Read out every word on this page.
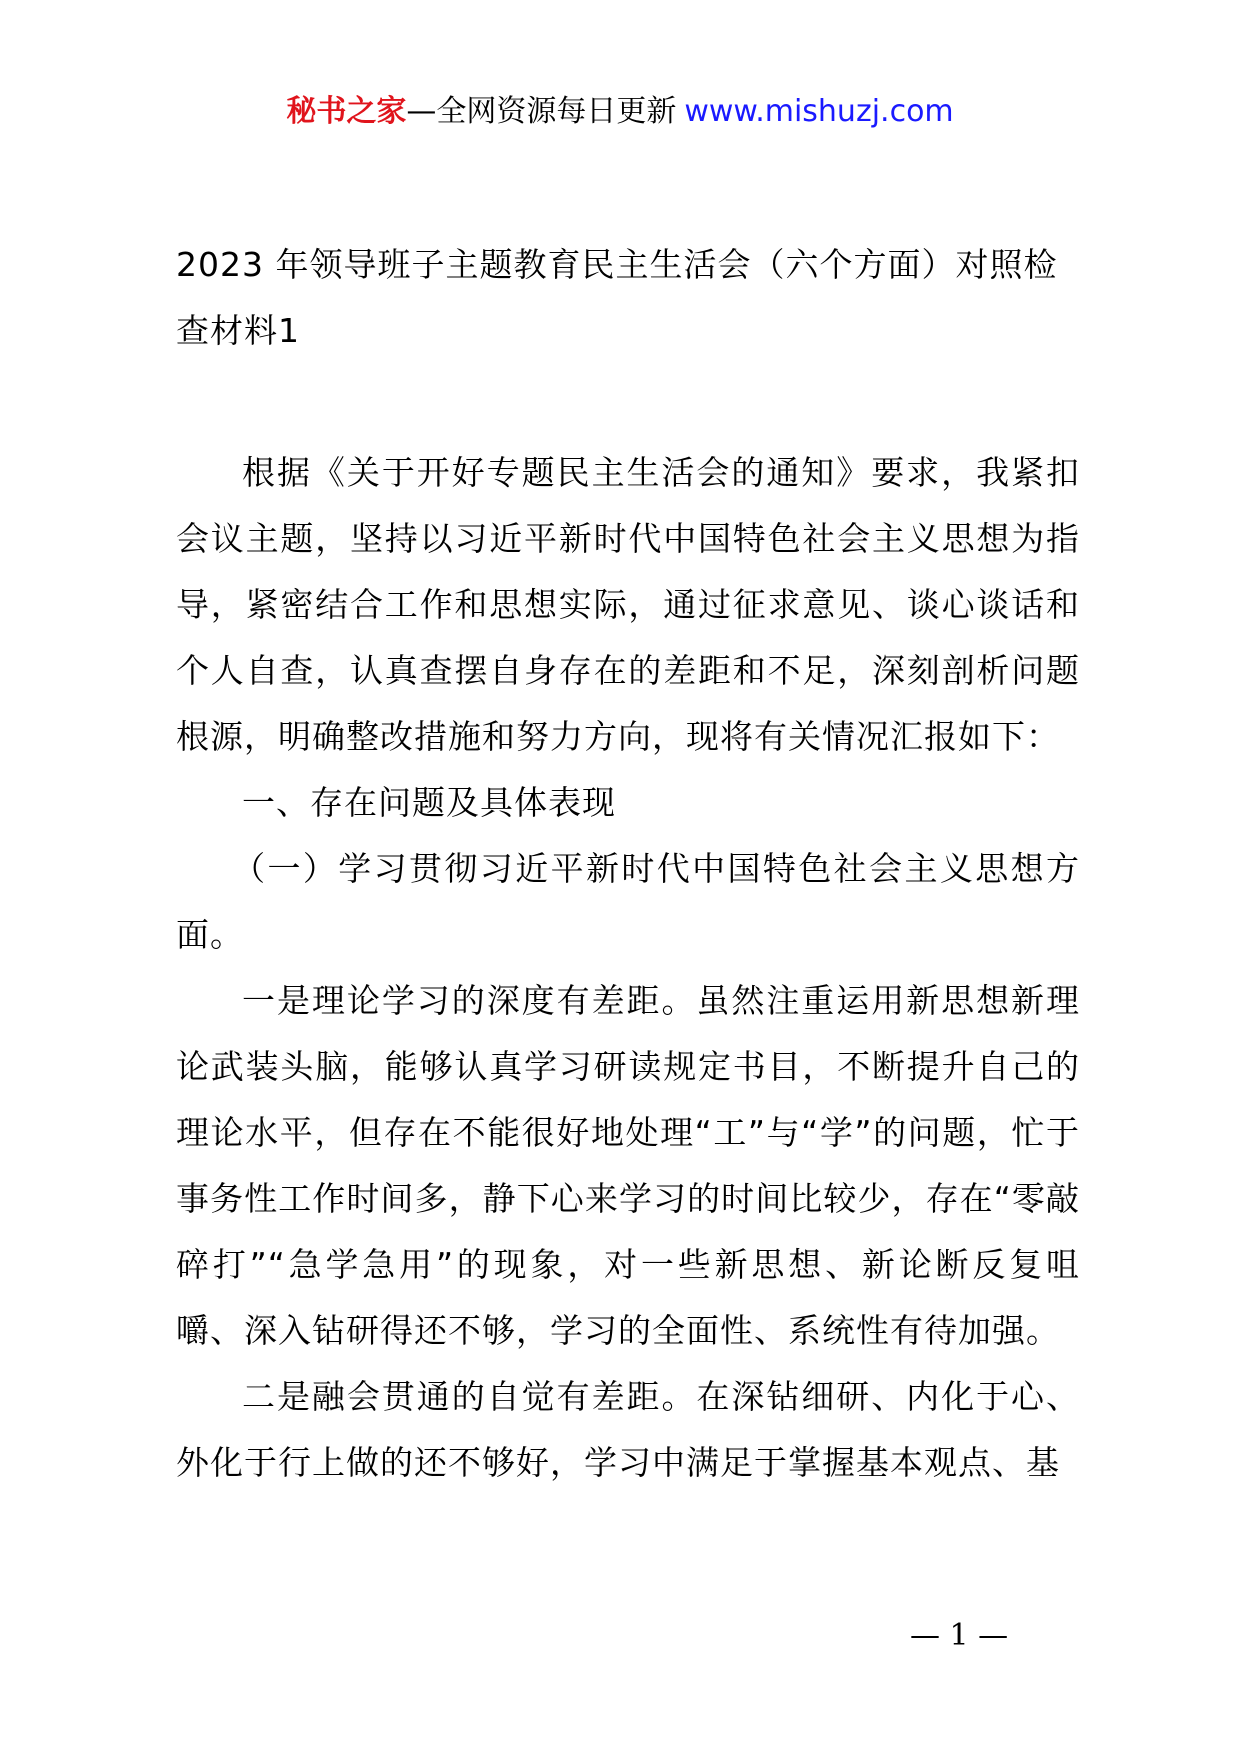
秘书之家—全网资源每日更新 www.mishuzj.com

2023 年领导班子主题教育民主生活会（六个方面）对照检查材料1

根据《关于开好专题民主生活会的通知》要求，我紧扣会议主题，坚持以习近平新时代中国特色社会主义思想为指导，紧密结合工作和思想实际，通过征求意见、谈心谈话和个人自查，认真查摆自身存在的差距和不足，深刻剖析问题根源，明确整改措施和努力方向，现将有关情况汇报如下：

一、存在问题及具体表现

（一）学习贯彻习近平新时代中国特色社会主义思想方面。

一是理论学习的深度有差距。虽然注重运用新思想新理论武装头脑，能够认真学习研读规定书目，不断提升自己的理论水平，但存在不能很好地处理“工”与“学”的问题，忙于事务性工作时间多，静下心来学习的时间比较少，存在“零敲碎打”“急学急用”的现象，对一些新思想、新论断反复咀嚼、深入钻研得还不够，学习的全面性、系统性有待加强。

二是融会贯通的自觉有差距。在深钻细研、内化于心、外化于行上做的还不够好，学习中满足于掌握基本观点、基

— 1 —
